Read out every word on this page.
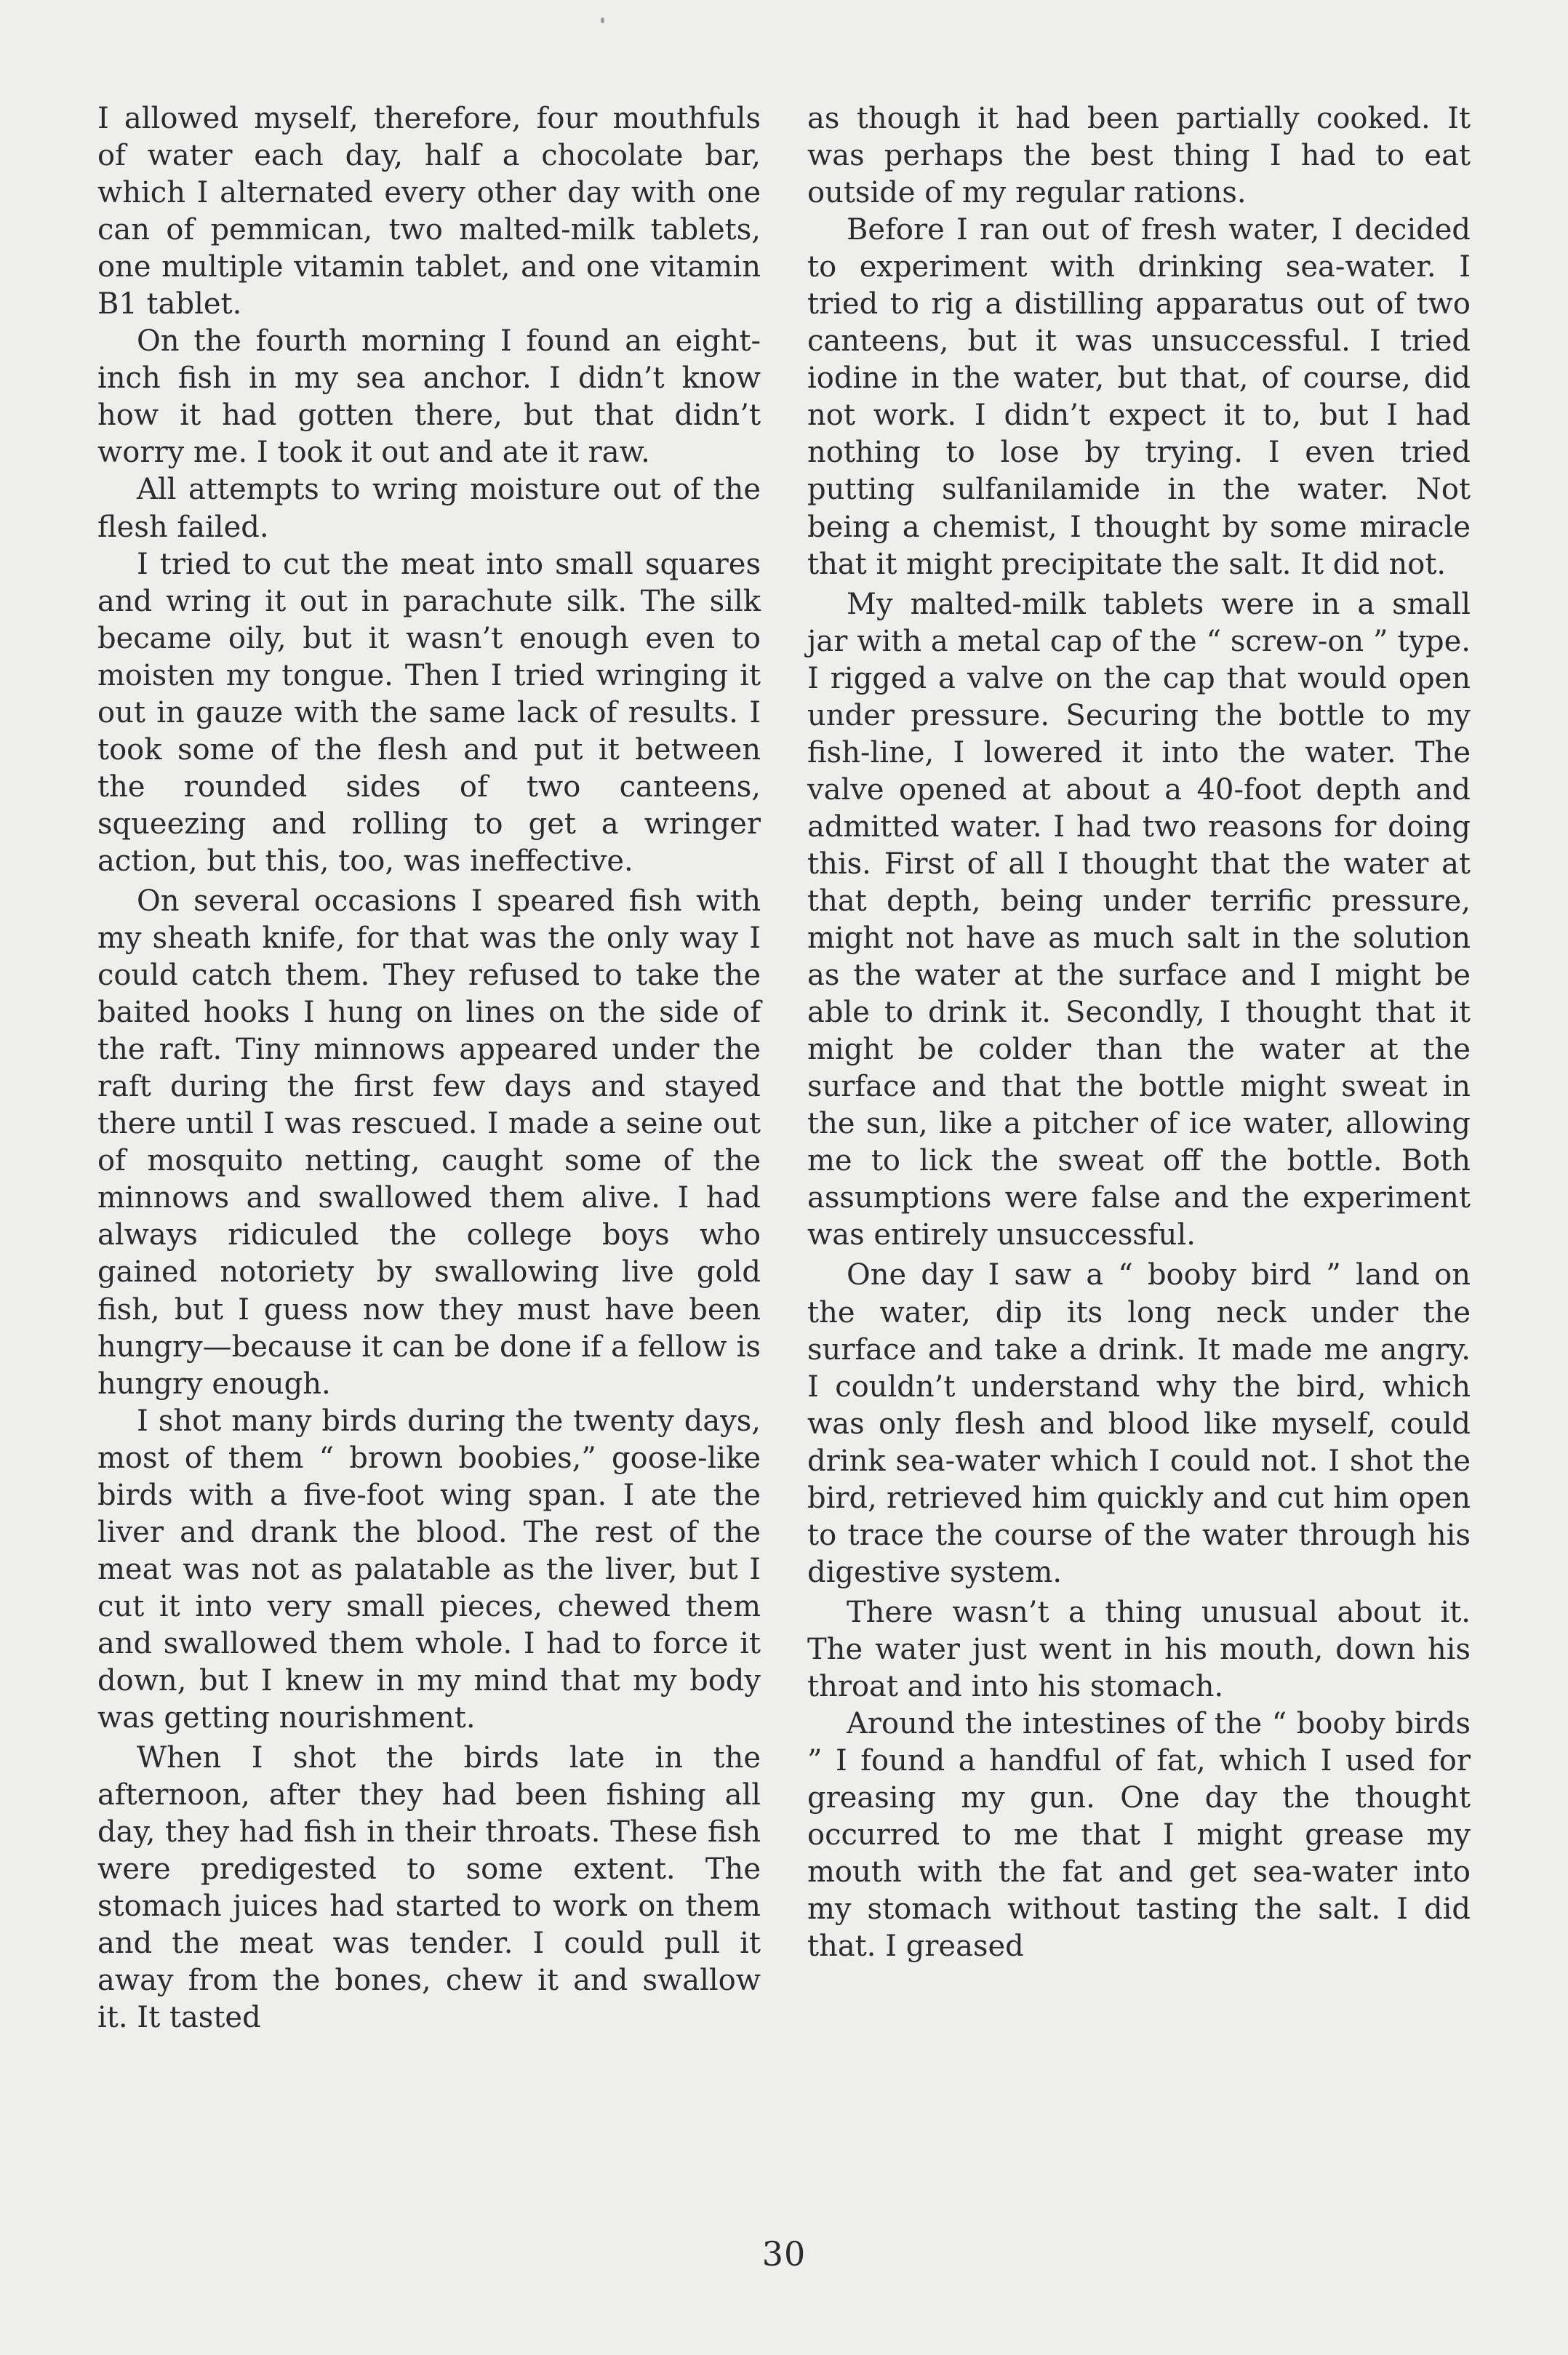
I allowed myself, therefore, four mouthfuls of water each day, half a chocolate bar, which I alternated every other day with one can of pemmican, two malted-milk tablets, one multiple vitamin tablet, and one vitamin B1 tablet.

On the fourth morning I found an eight-inch fish in my sea anchor. I didn’t know how it had gotten there, but that didn’t worry me. I took it out and ate it raw.

All attempts to wring moisture out of the flesh failed.

I tried to cut the meat into small squares and wring it out in parachute silk. The silk became oily, but it wasn’t enough even to moisten my tongue. Then I tried wringing it out in gauze with the same lack of results. I took some of the flesh and put it between the rounded sides of two canteens, squeezing and rolling to get a wringer action, but this, too, was ineffective.

On several occasions I speared fish with my sheath knife, for that was the only way I could catch them. They refused to take the baited hooks I hung on lines on the side of the raft. Tiny minnows appeared under the raft during the first few days and stayed there until I was rescued. I made a seine out of mosquito netting, caught some of the minnows and swallowed them alive. I had always ridiculed the college boys who gained notoriety by swallowing live gold fish, but I guess now they must have been hungry—because it can be done if a fellow is hungry enough.

I shot many birds during the twenty days, most of them “ brown boobies,” goose-like birds with a five-foot wing span. I ate the liver and drank the blood. The rest of the meat was not as palatable as the liver, but I cut it into very small pieces, chewed them and swallowed them whole. I had to force it down, but I knew in my mind that my body was getting nourishment.

When I shot the birds late in the afternoon, after they had been fishing all day, they had fish in their throats. These fish were predigested to some extent. The stomach juices had started to work on them and the meat was tender. I could pull it away from the bones, chew it and swallow it. It tasted

as though it had been partially cooked. It was perhaps the best thing I had to eat outside of my regular rations.

Before I ran out of fresh water, I decided to experiment with drinking sea-water. I tried to rig a distilling apparatus out of two canteens, but it was unsuccessful. I tried iodine in the water, but that, of course, did not work. I didn’t expect it to, but I had nothing to lose by trying. I even tried putting sulfanilamide in the water. Not being a chemist, I thought by some miracle that it might precipitate the salt. It did not.

My malted-milk tablets were in a small jar with a metal cap of the “ screw-on ” type. I rigged a valve on the cap that would open under pressure. Securing the bottle to my fish-line, I lowered it into the water. The valve opened at about a 40-foot depth and admitted water. I had two reasons for doing this. First of all I thought that the water at that depth, being under terrific pressure, might not have as much salt in the solution as the water at the surface and I might be able to drink it. Secondly, I thought that it might be colder than the water at the surface and that the bottle might sweat in the sun, like a pitcher of ice water, allowing me to lick the sweat off the bottle. Both assumptions were false and the experiment was entirely unsuccessful.

One day I saw a “ booby bird ” land on the water, dip its long neck under the surface and take a drink. It made me angry. I couldn’t understand why the bird, which was only flesh and blood like myself, could drink sea-water which I could not. I shot the bird, retrieved him quickly and cut him open to trace the course of the water through his digestive system.

There wasn’t a thing unusual about it. The water just went in his mouth, down his throat and into his stomach.

Around the intestines of the “ booby birds ” I found a handful of fat, which I used for greasing my gun. One day the thought occurred to me that I might grease my mouth with the fat and get sea-water into my stomach without tasting the salt. I did that. I greased

30
